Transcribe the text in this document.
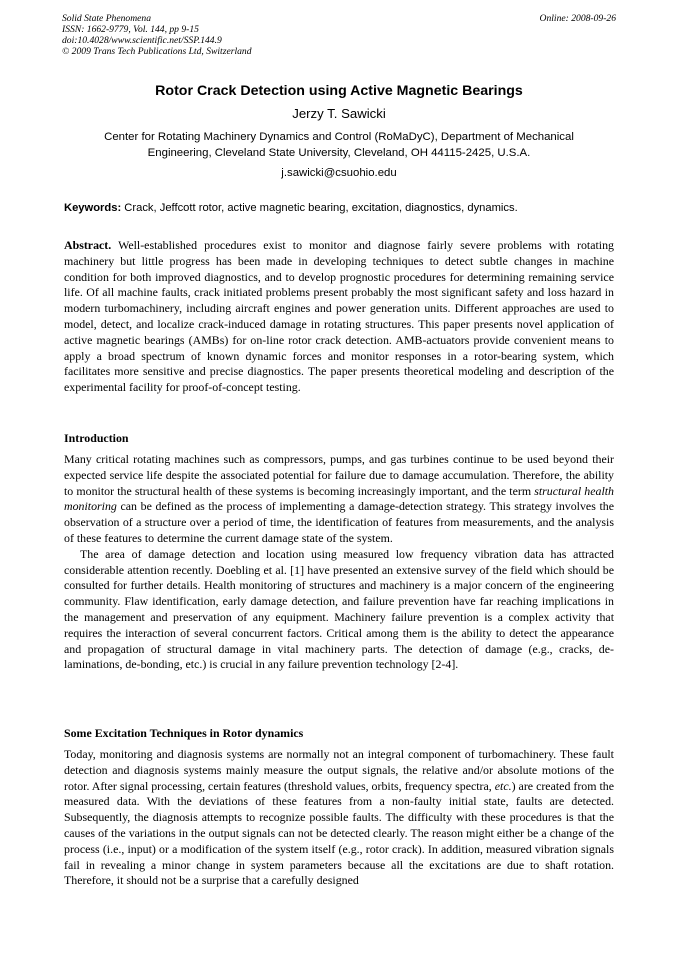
Solid State Phenomena
ISSN: 1662-9779, Vol. 144, pp 9-15
doi:10.4028/www.scientific.net/SSP.144.9
© 2009 Trans Tech Publications Ltd, Switzerland
Online: 2008-09-26
Rotor Crack Detection using Active Magnetic Bearings
Jerzy T. Sawicki
Center for Rotating Machinery Dynamics and Control (RoMaDyC), Department of Mechanical
Engineering, Cleveland State University, Cleveland, OH 44115-2425, U.S.A.
j.sawicki@csuohio.edu
Keywords: Crack, Jeffcott rotor, active magnetic bearing, excitation, diagnostics, dynamics.

Abstract. Well-established procedures exist to monitor and diagnose fairly severe problems with rotating machinery but little progress has been made in developing techniques to detect subtle changes in machine condition for both improved diagnostics, and to develop prognostic procedures for determining remaining service life. Of all machine faults, crack initiated problems present probably the most significant safety and loss hazard in modern turbomachinery, including aircraft engines and power generation units. Different approaches are used to model, detect, and localize crack-induced damage in rotating structures. This paper presents novel application of active magnetic bearings (AMBs) for on-line rotor crack detection. AMB-actuators provide convenient means to apply a broad spectrum of known dynamic forces and monitor responses in a rotor-bearing system, which facilitates more sensitive and precise diagnostics. The paper presents theoretical modeling and description of the experimental facility for proof-of-concept testing.

Introduction

Many critical rotating machines such as compressors, pumps, and gas turbines continue to be used beyond their expected service life despite the associated potential for failure due to damage accumulation. Therefore, the ability to monitor the structural health of these systems is becoming increasingly important, and the term structural health monitoring can be defined as the process of implementing a damage-detection strategy. This strategy involves the observation of a structure over a period of time, the identification of features from measurements, and the analysis of these features to determine the current damage state of the system.

The area of damage detection and location using measured low frequency vibration data has attracted considerable attention recently. Doebling et al. [1] have presented an extensive survey of the field which should be consulted for further details. Health monitoring of structures and machinery is a major concern of the engineering community. Flaw identification, early damage detection, and failure prevention have far reaching implications in the management and preservation of any equipment. Machinery failure prevention is a complex activity that requires the interaction of several concurrent factors. Critical among them is the ability to detect the appearance and propagation of structural damage in vital machinery parts. The detection of damage (e.g., cracks, de-laminations, de-bonding, etc.) is crucial in any failure prevention technology [2-4].

Some Excitation Techniques in Rotor dynamics

Today, monitoring and diagnosis systems are normally not an integral component of turbomachinery. These fault detection and diagnosis systems mainly measure the output signals, the relative and/or absolute motions of the rotor. After signal processing, certain features (threshold values, orbits, frequency spectra, etc.) are created from the measured data. With the deviations of these features from a non-faulty initial state, faults are detected. Subsequently, the diagnosis attempts to recognize possible faults. The difficulty with these procedures is that the causes of the variations in the output signals can not be detected clearly. The reason might either be a change of the process (i.e., input) or a modification of the system itself (e.g., rotor crack). In addition, measured vibration signals fail in revealing a minor change in system parameters because all the excitations are due to shaft rotation. Therefore, it should not be a surprise that a carefully designed
